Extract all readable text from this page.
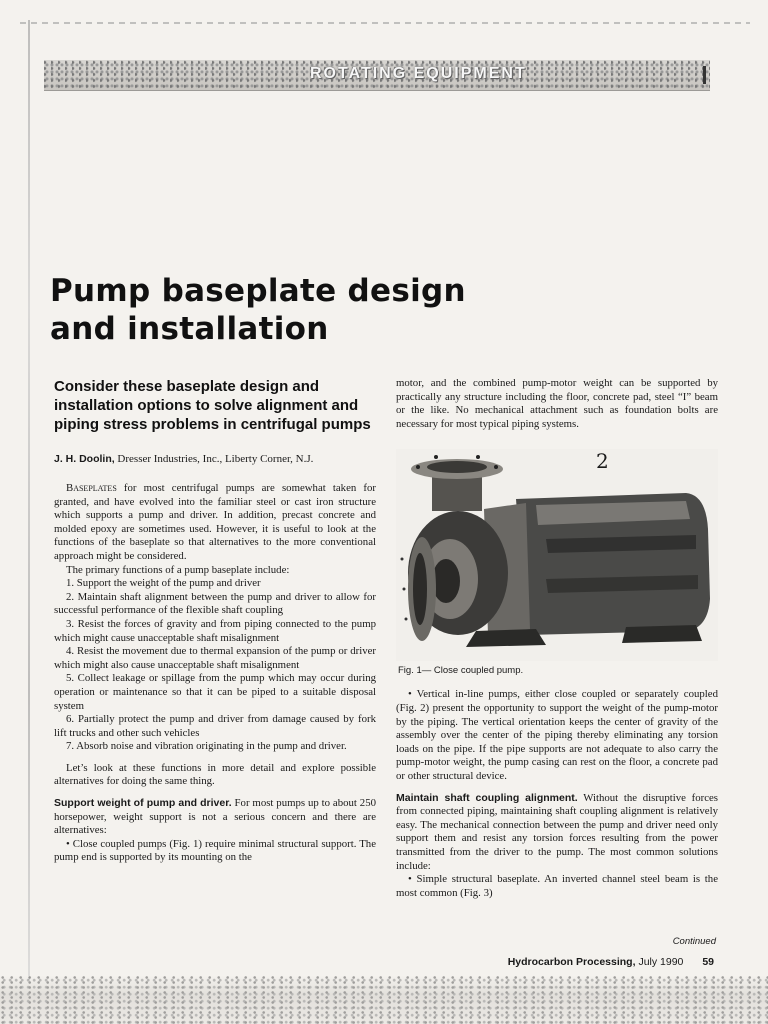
ROTATING EQUIPMENT
Pump baseplate design
and installation

Consider these baseplate design and installation options to solve alignment and piping stress problems in centrifugal pumps

J. H. Doolin, Dresser Industries, Inc., Liberty Corner, N.J.

Baseplates for most centrifugal pumps are somewhat taken for granted, and have evolved into the familiar steel or cast iron structure which supports a pump and driver. In addition, precast concrete and molded epoxy are sometimes used. However, it is useful to look at the functions of the baseplate so that alternatives to the more conventional approach might be considered.

The primary functions of a pump baseplate include:

1. Support the weight of the pump and driver

2. Maintain shaft alignment between the pump and driver to allow for successful performance of the flexible shaft coupling

3. Resist the forces of gravity and from piping connected to the pump which might cause unacceptable shaft misalignment

4. Resist the movement due to thermal expansion of the pump or driver which might also cause unacceptable shaft misalignment

5. Collect leakage or spillage from the pump which may occur during operation or maintenance so that it can be piped to a suitable disposal system

6. Partially protect the pump and driver from damage caused by fork lift trucks and other such vehicles

7. Absorb noise and vibration originating in the pump and driver.

Let’s look at these functions in more detail and explore possible alternatives for doing the same thing.

Support weight of pump and driver. For most pumps up to about 250 horsepower, weight support is not a serious concern and there are alternatives:

• Close coupled pumps (Fig. 1) require minimal structural support. The pump end is supported by its mounting on the

motor, and the combined pump-motor weight can be supported by practically any structure including the floor, concrete pad, steel “I” beam or the like. No mechanical attachment such as foundation bolts are necessary for most typical piping systems.

2

Fig. 1— Close coupled pump.

• Vertical in-line pumps, either close coupled or separately coupled (Fig. 2) present the opportunity to support the weight of the pump-motor by the piping. The vertical orientation keeps the center of gravity of the assembly over the center of the piping thereby eliminating any torsion loads on the pipe. If the pipe supports are not adequate to also carry the pump-motor weight, the pump casing can rest on the floor, a concrete pad or other structural device.

Maintain shaft coupling alignment. Without the disruptive forces from connected piping, maintaining shaft coupling alignment is relatively easy. The mechanical connection between the pump and driver need only support them and resist any torsion forces resulting from the power transmitted from the driver to the pump. The most common solutions include:

• Simple structural baseplate. An inverted channel steel beam is the most common (Fig. 3)

Continued
Hydrocarbon Processing, July 1990 59
